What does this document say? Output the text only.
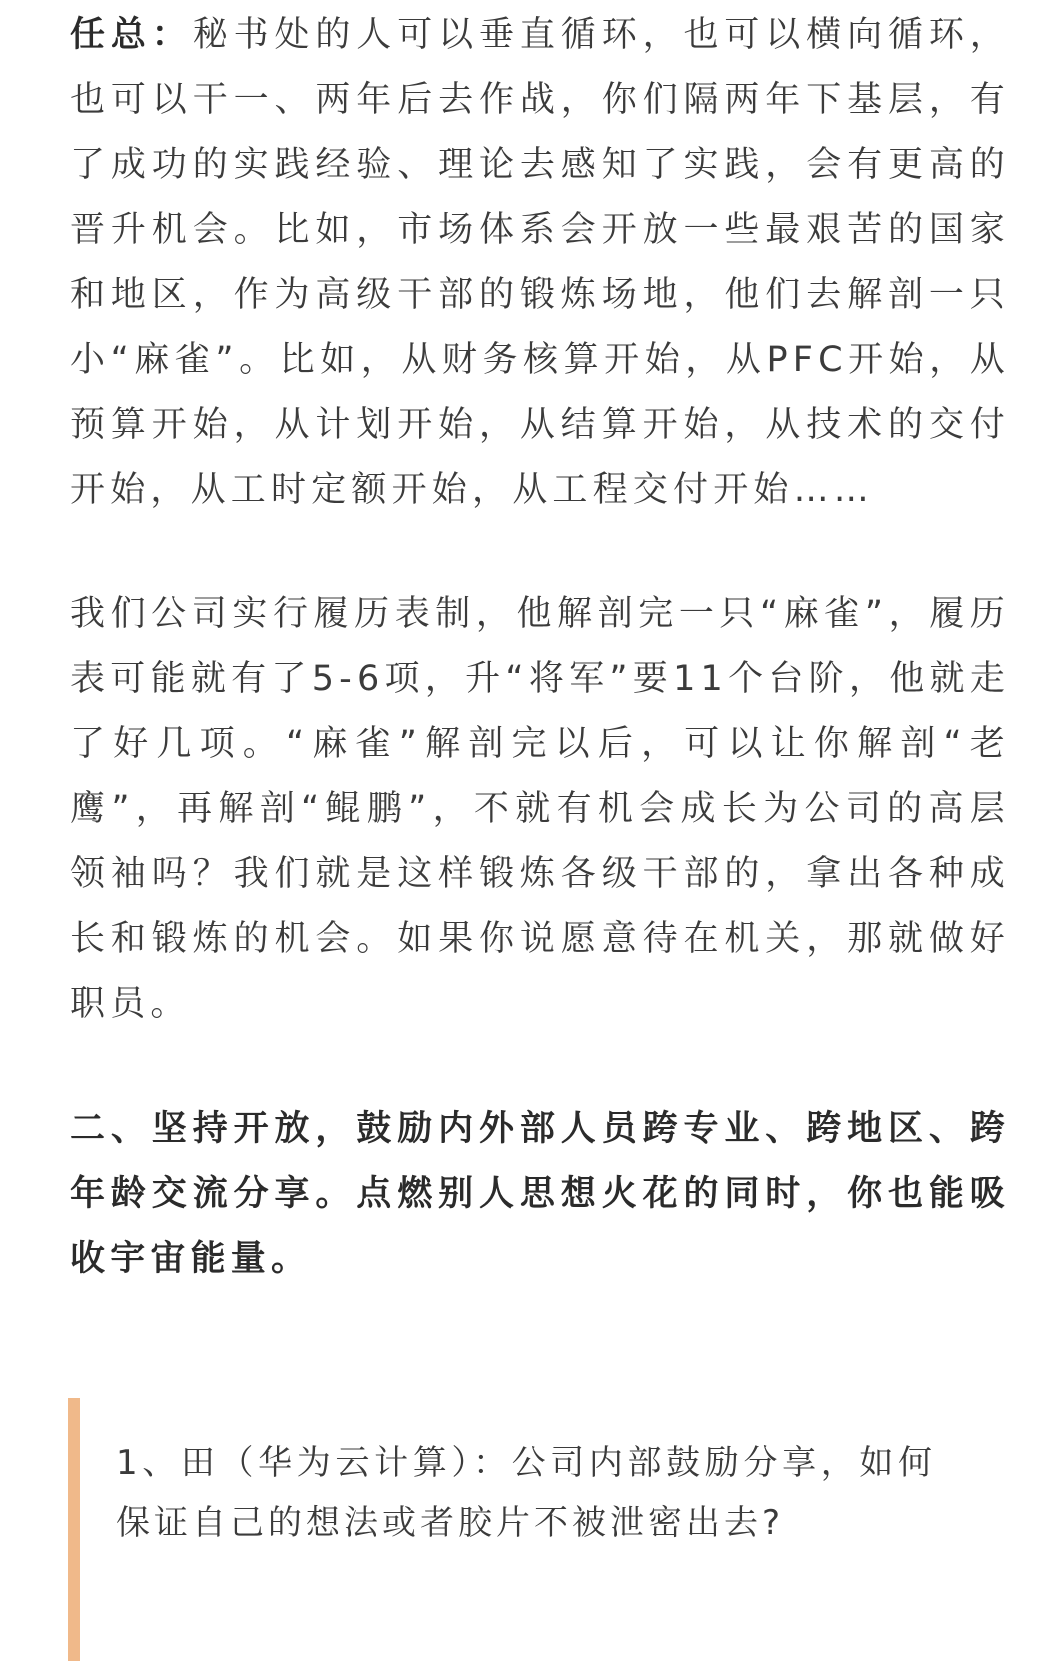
任总：秘书处的人可以垂直循环，也可以横向循环，也可以干一、两年后去作战，你们隔两年下基层，有了成功的实践经验、理论去感知了实践，会有更高的晋升机会。比如，市场体系会开放一些最艰苦的国家和地区，作为高级干部的锻炼场地，他们去解剖一只小“麻雀”。比如，从财务核算开始，从PFC开始，从预算开始，从计划开始，从结算开始，从技术的交付开始，从工时定额开始，从工程交付开始……

我们公司实行履历表制，他解剖完一只“麻雀”，履历表可能就有了5-6项，升“将军”要11个台阶，他就走了好几项。“麻雀”解剖完以后，可以让你解剖“老鹰”，再解剖“鲲鹏”，不就有机会成长为公司的高层领袖吗？我们就是这样锻炼各级干部的，拿出各种成长和锻炼的机会。如果你说愿意待在机关，那就做好职员。

二、坚持开放，鼓励内外部人员跨专业、跨地区、跨年龄交流分享。点燃别人思想火花的同时，你也能吸收宇宙能量。

1、田（华为云计算）：公司内部鼓励分享，如何保证自己的想法或者胶片不被泄密出去?
